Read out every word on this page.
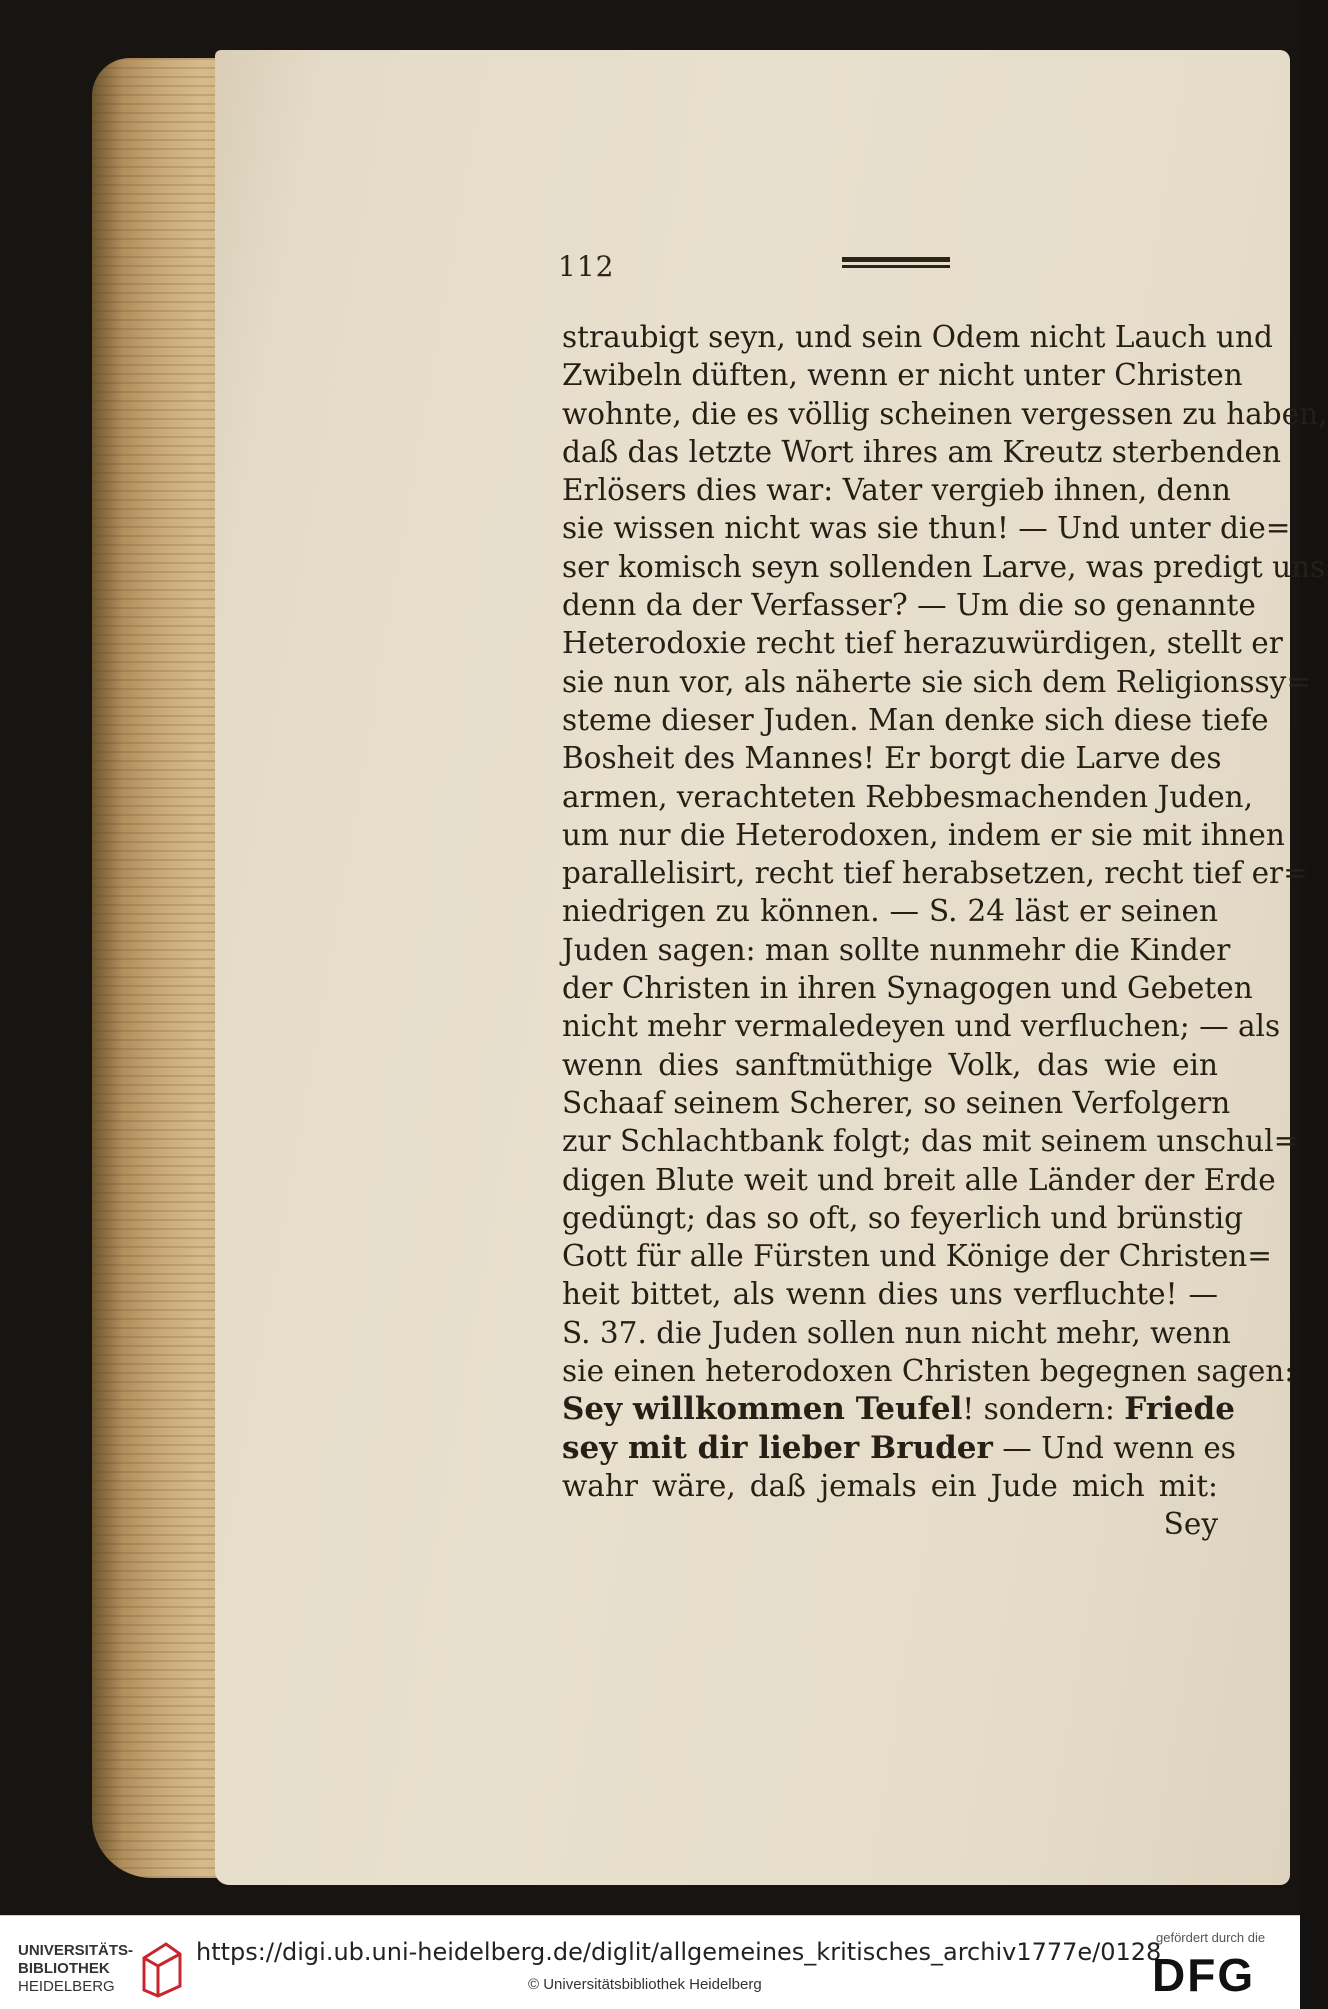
112
straubigt seyn, und sein Odem nicht Lauch und
Zwibeln düften, wenn er nicht unter Christen
wohnte, die es völlig scheinen vergessen zu haben,
daß das letzte Wort ihres am Kreutz sterbenden
Erlösers dies war: Vater vergieb ihnen, denn
sie wissen nicht was sie thun! — Und unter die=
ser komisch seyn sollenden Larve, was predigt uns
denn da der Verfasser? — Um die so genannte
Heterodoxie recht tief herazuwürdigen, stellt er
sie nun vor, als näherte sie sich dem Religionssy=
steme dieser Juden. Man denke sich diese tiefe
Bosheit des Mannes! Er borgt die Larve des
armen, verachteten Rebbesmachenden Juden,
um nur die Heterodoxen, indem er sie mit ihnen
parallelisirt, recht tief herabsetzen, recht tief er=
niedrigen zu können. — S. 24 läst er seinen
Juden sagen: man sollte nunmehr die Kinder
der Christen in ihren Synagogen und Gebeten
nicht mehr vermaledeyen und verfluchen; — als
wenn dies sanftmüthige Volk, das wie ein
Schaaf seinem Scherer, so seinen Verfolgern
zur Schlachtbank folgt; das mit seinem unschul=
digen Blute weit und breit alle Länder der Erde
gedüngt; das so oft, so feyerlich und brünstig
Gott für alle Fürsten und Könige der Christen=
heit bittet, als wenn dies uns verfluchte! —
S. 37. die Juden sollen nun nicht mehr, wenn
sie einen heterodoxen Christen begegnen sagen:
Sey willkommen Teufel! sondern: Friede
sey mit dir lieber Bruder — Und wenn es
wahr wäre, daß jemals ein Jude mich mit:
Sey
UNIVERSITÄTS-
BIBLIOTHEK
HEIDELBERG
https://digi.ub.uni-heidelberg.de/diglit/allgemeines_kritisches_archiv1777e/0128
© Universitätsbibliothek Heidelberg
gefördert durch die
DFG
